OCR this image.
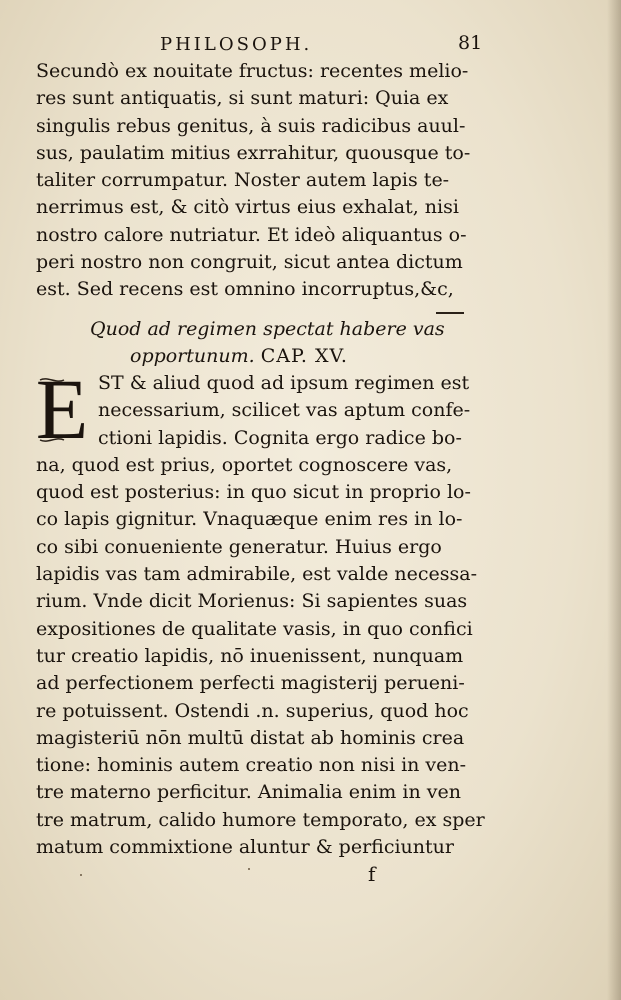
PHILOSOPH.	81
Secundò ex nouitate fructus: recentes melio-
res sunt antiquatis, si sunt maturi: Quia ex
singulis rebus genitus, à suis radicibus auul-
sus, paulatim mitius exrrahitur, quousque to-
taliter corrumpatur. Noster autem lapis te-
nerrimus est, & citò virtus eius exhalat, nisi
nostro calore nutriatur. Et ideò aliquantus o-
peri nostro non congruit, sicut antea dictum
est. Sed recens est omnino incorruptus,&c,
Quod ad regimen spectat habere vas
opportunum. CAP. XV.
E ST & aliud quod ad ipsum regimen est
necessarium, scilicet vas aptum confe-
ctioni lapidis. Cognita ergo radice bo-
na, quod est prius, oportet cognoscere vas,
quod est posterius: in quo sicut in proprio lo-
co lapis gignitur. Vnaquæque enim res in lo-
co sibi conueniente generatur. Huius ergo
lapidis vas tam admirabile, est valde necessa-
rium. Vnde dicit Morienus: Si sapientes suas
expositiones de qualitate vasis, in quo confici
tur creatio lapidis, nō inuenissent, nunquam
ad perfectionem perfecti magisterij perueni-
re potuissent. Ostendi .n. superius, quod hoc
magisteriū nōn multū distat ab hominis crea
tione: hominis autem creatio non nisi in ven-
tre materno perficitur. Animalia enim in ven
tre matrum, calido humore temporato, ex sper
matum commixtione aluntur & perficiuntur
f
